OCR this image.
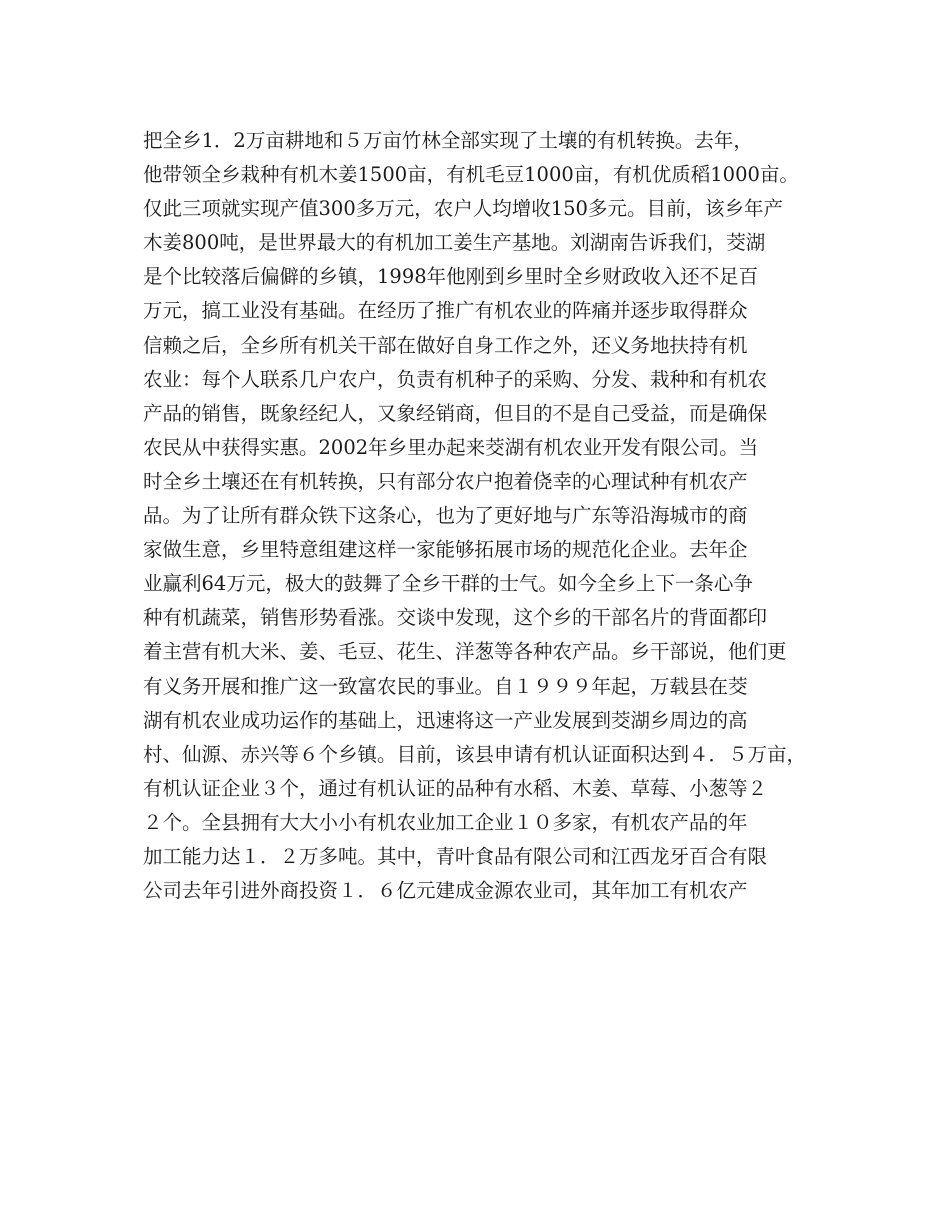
把全乡1．2万亩耕地和５万亩竹林全部实现了土壤的有机转换。去年，
他带领全乡栽种有机木姜1500亩，有机毛豆1000亩，有机优质稻1000亩。
仅此三项就实现产值300多万元，农户人均增收150多元。目前，该乡年产
木姜800吨，是世界最大的有机加工姜生产基地。刘湖南告诉我们，茭湖
是个比较落后偏僻的乡镇，1998年他刚到乡里时全乡财政收入还不足百
万元，搞工业没有基础。在经历了推广有机农业的阵痛并逐步取得群众
信赖之后，全乡所有机关干部在做好自身工作之外，还义务地扶持有机
农业：每个人联系几户农户，负责有机种子的采购、分发、栽种和有机农
产品的销售，既象经纪人，又象经销商，但目的不是自己受益，而是确保
农民从中获得实惠。2002年乡里办起来茭湖有机农业开发有限公司。当
时全乡土壤还在有机转换，只有部分农户抱着侥幸的心理试种有机农产
品。为了让所有群众铁下这条心，也为了更好地与广东等沿海城市的商
家做生意，乡里特意组建这样一家能够拓展市场的规范化企业。去年企
业赢利64万元，极大的鼓舞了全乡干群的士气。如今全乡上下一条心争
种有机蔬菜，销售形势看涨。交谈中发现，这个乡的干部名片的背面都印
着主营有机大米、姜、毛豆、花生、洋葱等各种农产品。乡干部说，他们更
有义务开展和推广这一致富农民的事业。自１９９９年起，万载县在茭
湖有机农业成功运作的基础上，迅速将这一产业发展到茭湖乡周边的高
村、仙源、赤兴等６个乡镇。目前，该县申请有机认证面积达到４．５万亩，
有机认证企业３个，通过有机认证的品种有水稻、木姜、草莓、小葱等２
２个。全县拥有大大小小有机农业加工企业１０多家，有机农产品的年
加工能力达１．２万多吨。其中，青叶食品有限公司和江西龙牙百合有限
公司去年引进外商投资１．６亿元建成金源农业司，其年加工有机农产
